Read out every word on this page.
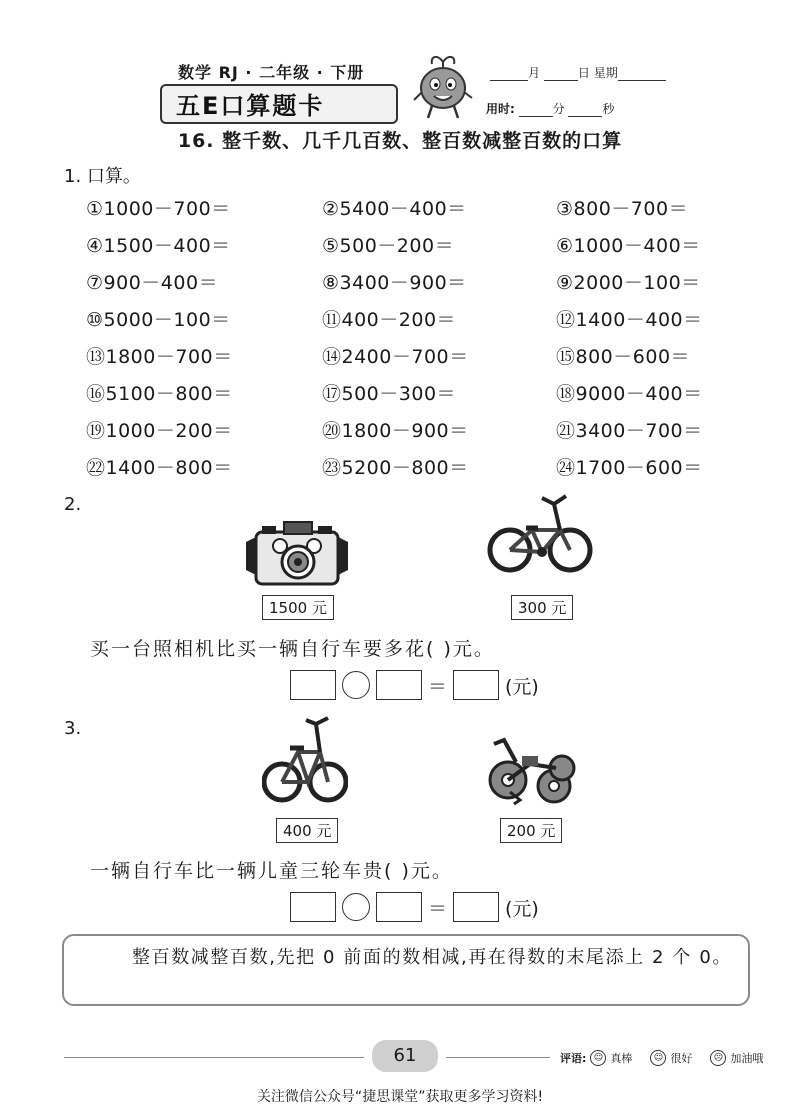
数学 RJ · 二年级 · 下册
五E口算题卡
月	日 星期
用时:	分	秒
16. 整千数、几千几百数、整百数减整百数的口算
1. 口算。
①1000－700＝	②5400－400＝	③800－700＝
④1500－400＝	⑤500－200＝	⑥1000－400＝
⑦900－400＝	⑧3400－900＝	⑨2000－100＝
⑩5000－100＝	⑪400－200＝	⑫1400－400＝
⑬1800－700＝	⑭2400－700＝	⑮800－600＝
⑯5100－800＝	⑰500－300＝	⑱9000－400＝
⑲1000－200＝	⑳1800－900＝	㉑3400－700＝
㉒1400－800＝	㉓5200－800＝	㉔1700－600＝
2.
1500 元	300 元
买一台照相机比买一辆自行车要多花( )元。
＝	(元)
3.
400 元	200 元
一辆自行车比一辆儿童三轮车贵( )元。
＝	(元)
整百数减整百数,先把 0 前面的数相减,再在得数的末尾添上 2 个 0。
61	评语: ☺ 真棒	☺ 很好	☹ 加油哦
关注微信公众号“捷思课堂”获取更多学习资料!
